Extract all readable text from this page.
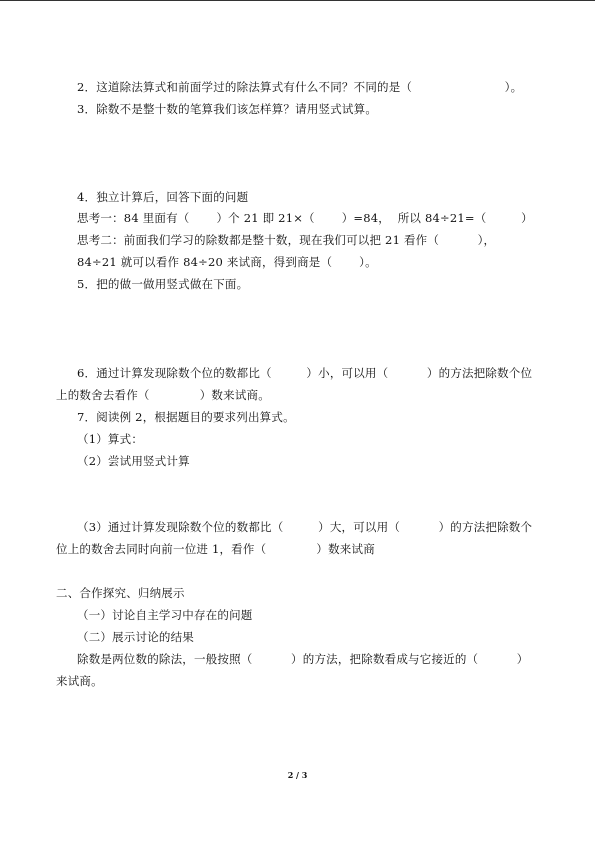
2．这道除法算式和前面学过的除法算式有什么不同？不同的是（                        ）。
3．除数不是整十数的笔算我们该怎样算？请用竖式试算。
4．独立计算后，回答下面的问题
思考一：84 里面有（       ）个 21 即 21×（       ）=84，  所以 84÷21=（         ）
思考二：前面我们学习的除数都是整十数，现在我们可以把 21 看作（          ），
84÷21 就可以看作 84÷20 来试商，得到商是（       ）。
5．把的做一做用竖式做在下面。
6．通过计算发现除数个位的数都比（         ）小，可以用（          ）的方法把除数个位
上的数舍去看作（             ）数来试商。
7．阅读例 2，根据题目的要求列出算式。
（1）算式：
（2）尝试用竖式计算
（3）通过计算发现除数个位的数都比（         ）大，可以用（          ）的方法把除数个
位上的数舍去同时向前一位进 1，看作（             ）数来试商
二、合作探究、归纳展示
（一）讨论自主学习中存在的问题
（二）展示讨论的结果
除数是两位数的除法，一般按照（          ）的方法，把除数看成与它接近的（          ）
来试商。
2 / 3
